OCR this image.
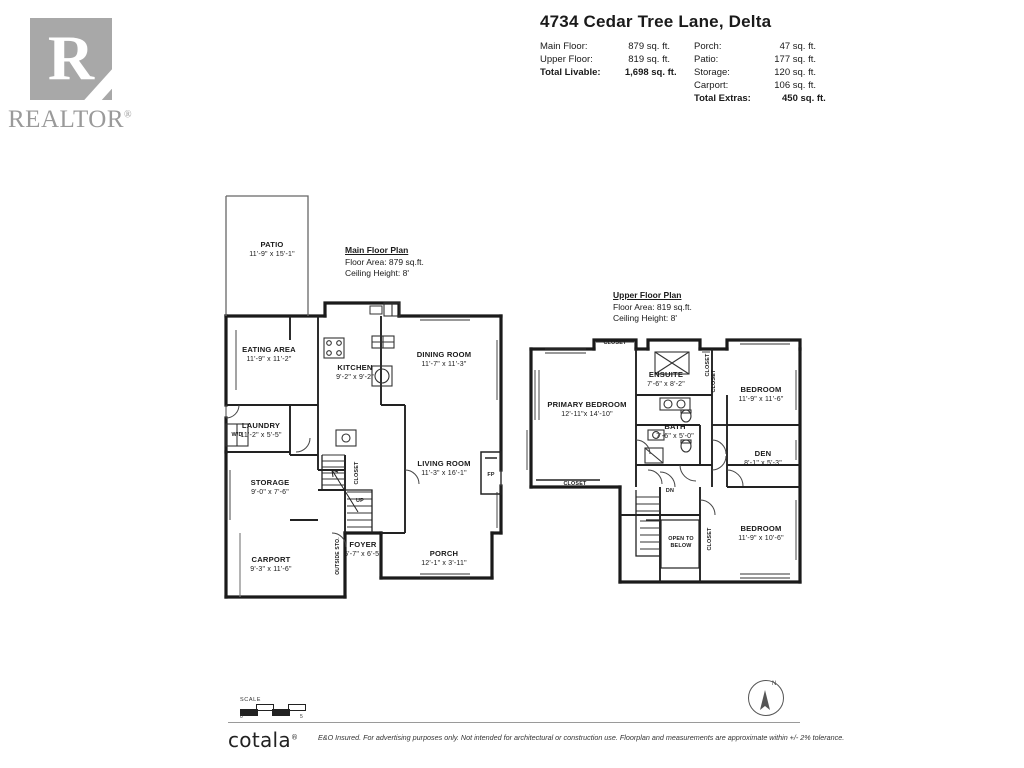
R
REALTOR®
4734 Cedar Tree Lane, Delta
Main Floor:	879 sq. ft.
Upper Floor:	819 sq. ft.
Total Livable:	1,698 sq. ft.
Porch:	47 sq. ft.
Patio:	177 sq. ft.
Storage:	120 sq. ft.
Carport:	106 sq. ft.
Total Extras:	450 sq. ft.
Main Floor Plan
Floor Area: 879 sq.ft.
Ceiling Height: 8'
Upper Floor Plan
Floor Area: 819 sq.ft.
Ceiling Height: 8'
PATIO
11'-9" x 15'-1"
EATING AREA
11'-9" x 11'-2"
KITCHEN
9'-2" x 9'-2"
DINING ROOM
11'-7" x 11'-3"
LAUNDRY
11'-2" x 5'-5"
LIVING ROOM
11'-3" x 16'-1"
STORAGE
9'-0" x 7'-6"
FOYER
5'-7" x 6'-5"	PORCH
12'-1" x 3'-11"
CARPORT
9'-3" x 11'-6"
W/D
CLOSET
UP
OUTSIDE STO.
FP
PRIMARY BEDROOM
12'-11"x 14'-10"
ENSUITE
7'-6" x 8'-2"
BEDROOM
11'-9" x 11'-6"
BATH
7'-6" x 5'-0"
DEN
8'-1" x 5'-3"
BEDROOM
11'-9" x 10'-6"
CLOSET
CLOSET
CLOSET
CLOSET
CLOSET
DN
OPEN TO BELOW
SCALE
0	5
N
cotala®	E&O Insured. For advertising purposes only. Not intended for architectural or construction use. Floorplan and measurements are approximate within +/- 2% tolerance.
